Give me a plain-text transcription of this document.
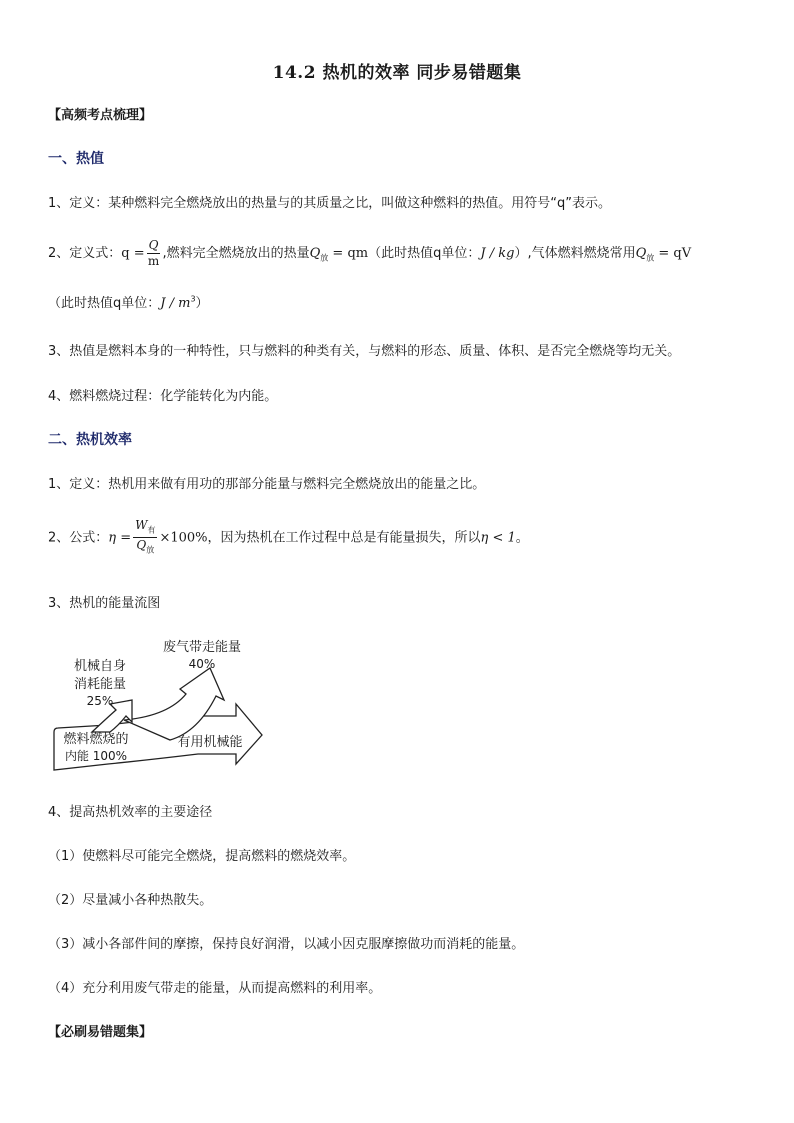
14.2 热机的效率 同步易错题集
【高频考点梳理】
一、热值
1、定义：某种燃料完全燃烧放出的热量与的其质量之比，叫做这种燃料的热值。用符号“q”表示。
2、定义式：$q = \frac{Q}{m}$ ,燃料完全燃烧放出的热量$Q_放 = qm$（此时热值q单位：J / kg）,气体燃料燃烧常用$Q_放$ = qV
（此时热值q单位：J / $m^3$）
3、热值是燃料本身的一种特性，只与燃料的种类有关，与燃料的形态、质量、体积、是否完全燃烧等均无关。
4、燃料燃烧过程：化学能转化为内能。
二、热机效率
1、定义：热机用来做有用功的那部分能量与燃料完全燃烧放出的能量之比。
2、公式：$\eta = \frac{W_有}{Q_放} \times 100\%$，因为热机在工作过程中总是有能量损失，所以η < 1。
3、热机的能量流图
废气带走能量
40%
机械自身
消耗能量
25%
燃料燃烧的
内能 100%
有用机械能
4、提高热机效率的主要途径
（1）使燃料尽可能完全燃烧，提高燃料的燃烧效率。
（2）尽量减小各种热散失。
（3）减小各部件间的摩擦，保持良好润滑，以减小因克服摩擦做功而消耗的能量。
（4）充分利用废气带走的能量，从而提高燃料的利用率。
【必刷易错题集】
